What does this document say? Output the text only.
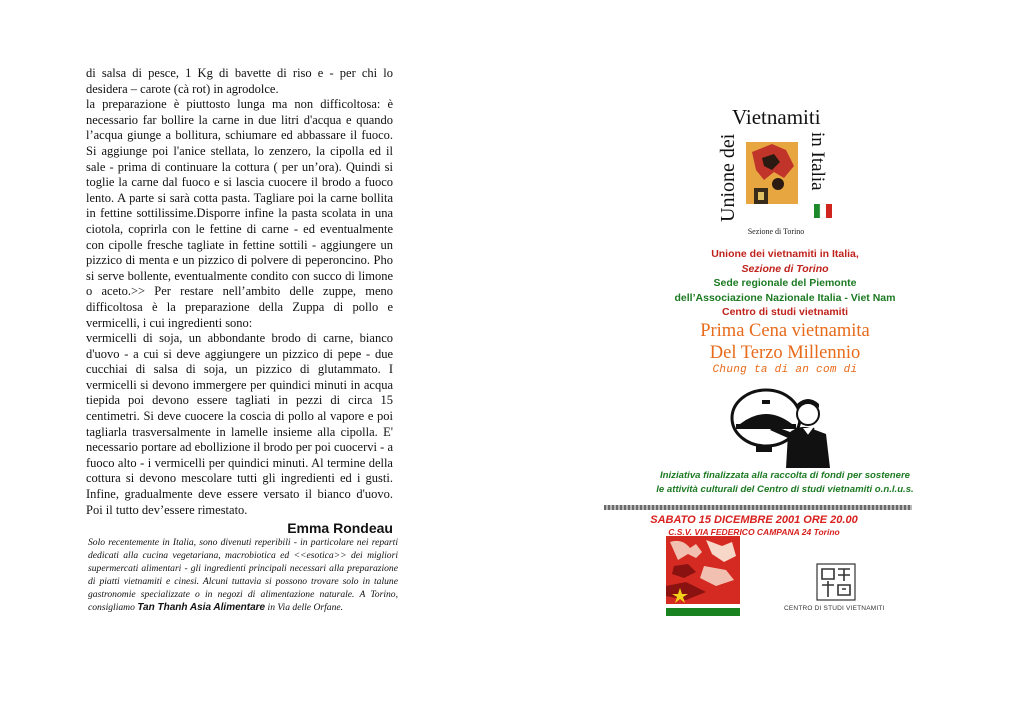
di salsa di pesce, 1 Kg di bavette di riso e - per chi lo desidera – carote (cà rot) in agrodolce.

la preparazione è piuttosto lunga ma non difficoltosa: è necessario far bollire la carne in due litri d'acqua e quando l’acqua giunge a bollitura, schiumare ed abbassare il fuoco. Si aggiunge poi l'anice stellata, lo zenzero, la cipolla ed il sale - prima di continuare la cottura ( per un’ora). Quindi si toglie la carne dal fuoco e si lascia cuocere il brodo a fuoco lento. A parte si sarà cotta pasta. Tagliare poi la carne bollita in fettine sottilissime.Disporre infine la pasta scolata in una ciotola, coprirla con le fettine di carne - ed eventualmente con cipolle fresche tagliate in fettine sottili - aggiungere un pizzico di menta e un pizzico di polvere di peperoncino. Pho si serve bollente, eventualmente condito con succo di limone o aceto.>> Per restare nell’ambito delle zuppe, meno difficoltosa è la preparazione della Zuppa di pollo e vermicelli, i cui ingredienti sono:

vermicelli di soja, un abbondante brodo di carne, bianco d'uovo - a cui si deve aggiungere un pizzico di pepe - due cucchiai di salsa di soja, un pizzico di glutammato. I vermicelli si devono immergere per quindici minuti in acqua tiepida poi devono essere tagliati in pezzi di circa 15 centimetri. Si deve cuocere la coscia di pollo al vapore e poi tagliarla trasversalmente in lamelle insieme alla cipolla. E' necessario portare ad ebollizione il brodo per poi cuocervi - a fuoco alto - i vermicelli per quindici minuti. Al termine della cottura si devono mescolare tutti gli ingredienti ed i gusti. Infine, gradualmente deve essere versato il bianco d'uovo. Poi il tutto dev’essere rimestato.

Emma Rondeau

Solo recentemente in Italia, sono divenuti reperibili - in particolare nei reparti dedicati alla cucina vegetariana, macrobiotica ed <<esotica>> dei migliori supermercati alimentari - gli ingredienti principali necessari alla preparazione di piatti vietnamiti e cinesi. Alcuni tuttavia si possono trovare solo in talune gastronomie specializzate o in negozi di alimentazione naturale. A Torino, consigliamo Tan Thanh Asia Alimentare in Via delle Orfane.

Vietnamiti
Unione dei	in Italia
Sezione di Torino
Unione dei vietnamiti in Italia,
Sezione di Torino
Sede regionale del Piemonte
dell’Associazione Nazionale Italia - Viet Nam
Centro di studi vietnamiti
Prima Cena vietnamita
Del Terzo Millennio
Chung ta di an com di
Iniziativa finalizzata alla raccolta di fondi per sostenere
le attività culturali del Centro di studi vietnamiti o.n.l.u.s.
SABATO 15 DICEMBRE 2001 ORE 20.00
C.S.V. VIA FEDERICO CAMPANA 24 Torino
CENTRO DI STUDI VIETNAMITI
